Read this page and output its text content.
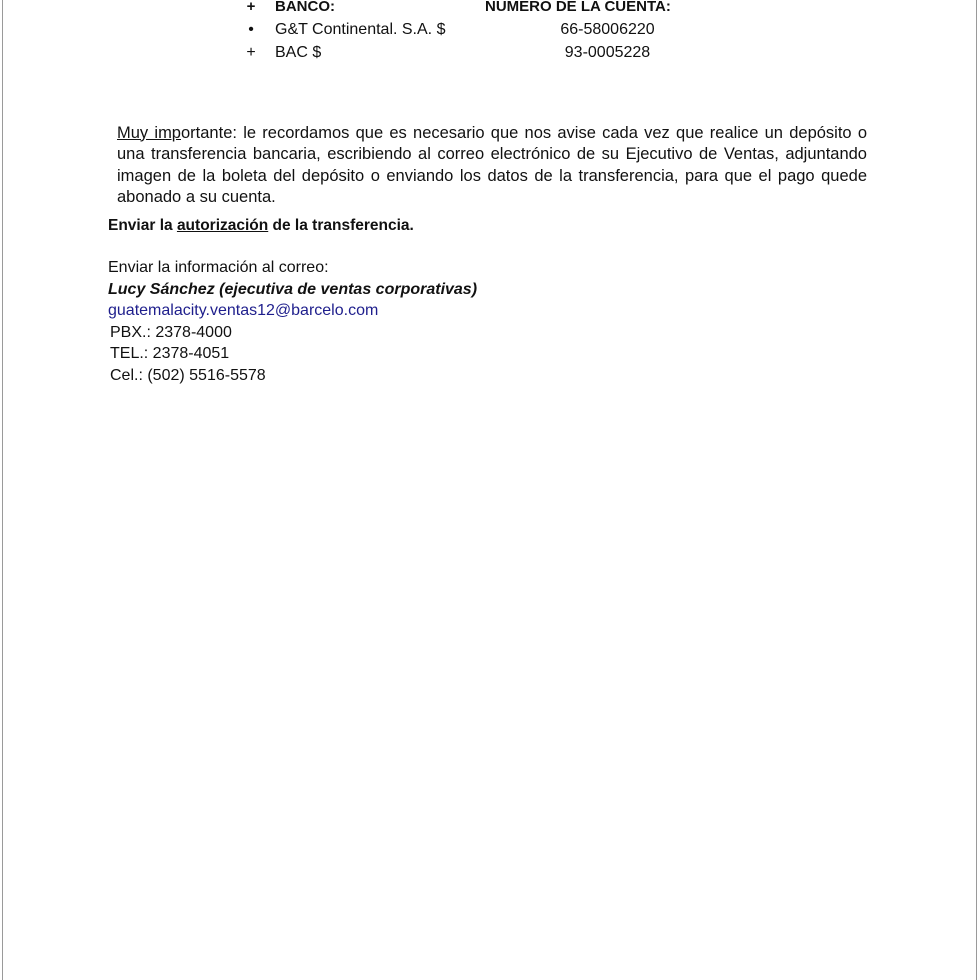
+ BANCO:	NUMERO DE LA CUENTA:
• G&T Continental. S.A. $	66-58006220
+ BAC $	93-0005228

Muy importante: le recordamos que es necesario que nos avise cada vez que realice un depósito o una transferencia bancaria, escribiendo al correo electrónico de su Ejecutivo de Ventas, adjuntando imagen de la boleta del depósito o enviando los datos de la transferencia, para que el pago quede abonado a su cuenta.

Enviar la autorización de la transferencia.
Enviar la información al correo:
Lucy Sánchez (ejecutiva de ventas corporativas)
guatemalacity.ventas12@barcelo.com
PBX.: 2378-4000
TEL.: 2378-4051
Cel.: (502) 5516-5578
